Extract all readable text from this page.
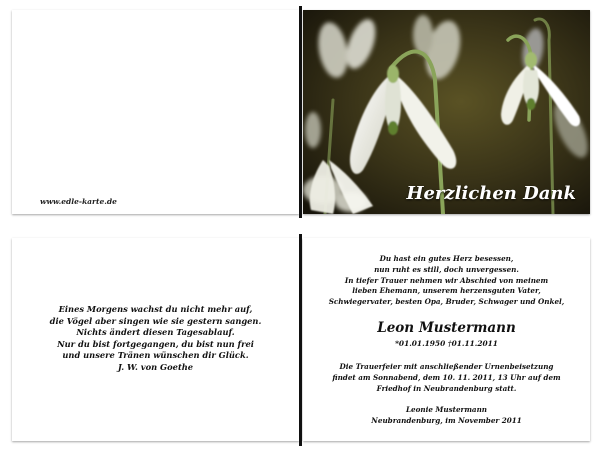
www.edle-karte.de	Herzlichen Dank
Eines Morgens wachst du nicht mehr auf,
die Vögel aber singen wie sie gestern sangen.
Nichts ändert diesen Tagesablauf.
Nur du bist fortgegangen, du bist nun frei
und unsere Tränen wünschen dir Glück.
J. W. von Goethe
Du hast ein gutes Herz besessen,
nun ruht es still, doch unvergessen.
In tiefer Trauer nehmen wir Abschied von meinem
lieben Ehemann, unserem herzensguten Vater,
Schwiegervater, besten Opa, Bruder, Schwager und Onkel,
Leon Mustermann
*01.01.1950 †01.11.2011
Die Trauerfeier mit anschließender Urnenbeisetzung
findet am Sonnabend, dem 10. 11. 2011, 13 Uhr auf dem
Friedhof in Neubrandenburg statt.
Leonie Mustermann
Neubrandenburg, im November 2011
